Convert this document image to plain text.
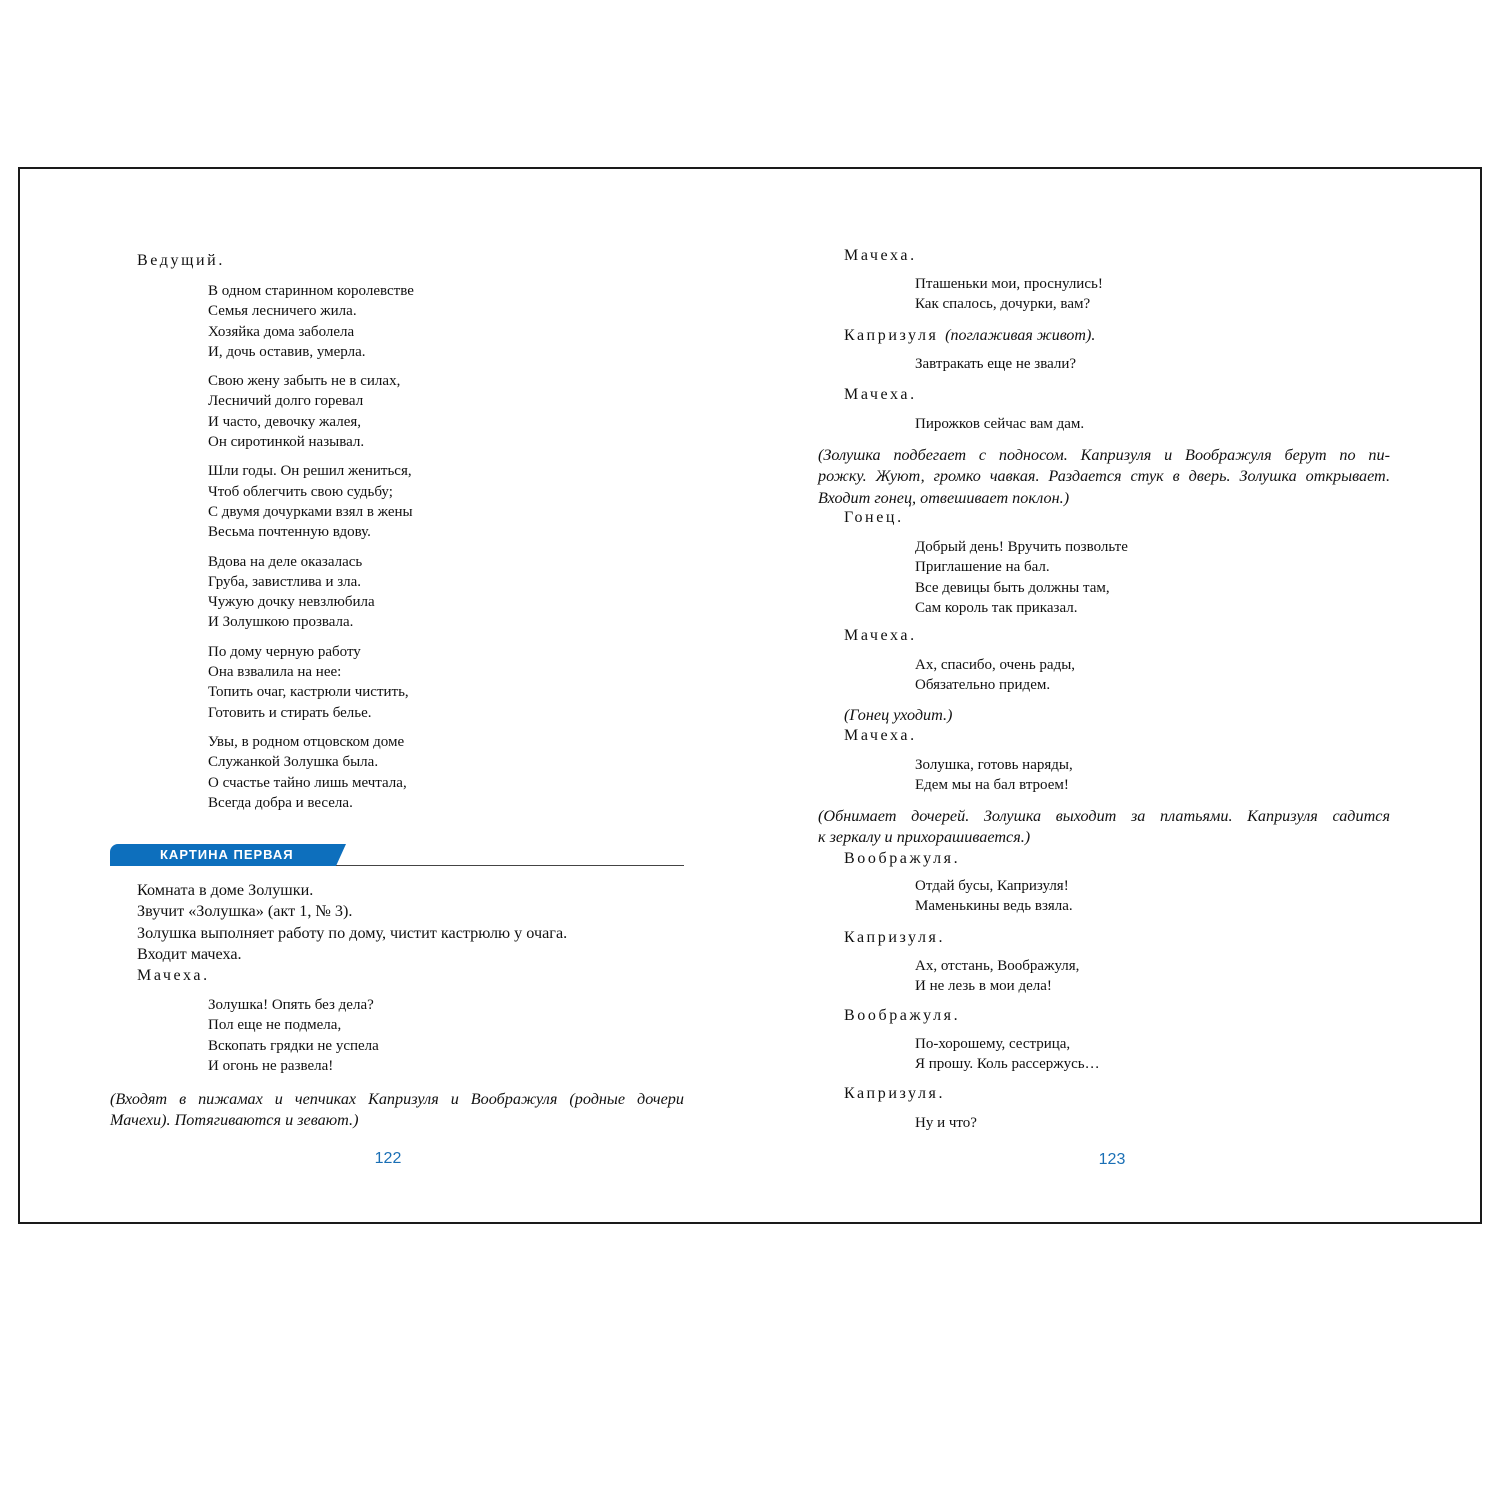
Ведущий.
В одном старинном королевстве
Семья лесничего жила.
Хозяйка дома заболела
И, дочь оставив, умерла.
Свою жену забыть не в силах,
Лесничий долго горевал
И часто, девочку жалея,
Он сиротинкой называл.
Шли годы. Он решил жениться,
Чтоб облегчить свою судьбу;
С двумя дочурками взял в жены
Весьма почтенную вдову.
Вдова на деле оказалась
Груба, завистлива и зла.
Чужую дочку невзлюбила
И Золушкою прозвала.
По дому черную работу
Она взвалила на нее:
Топить очаг, кастрюли чистить,
Готовить и стирать белье.
Увы, в родном отцовском доме
Служанкой Золушка была.
О счастье тайно лишь мечтала,
Всегда добра и весела.
КАРТИНА ПЕРВАЯ
Комната в доме Золушки.
Звучит «Золушка» (акт 1, № 3).
Золушка выполняет работу по дому, чистит кастрюлю у очага.
Входит мачеха.
Мачеха.
Золушка! Опять без дела?
Пол еще не подмела,
Вскопать грядки не успела
И огонь не развела!
(Входят в пижамах и чепчиках Капризуля и Воображуля (родные дочери
Мачехи). Потягиваются и зевают.)
122
Мачеха.
Пташеньки мои, проснулись!
Как спалось, дочурки, вам?
Капризуля (поглаживая живот).
Завтракать еще не звали?
Мачеха.
Пирожков сейчас вам дам.
(Золушка подбегает с подносом. Капризуля и Воображуля берут по пи-
рожку. Жуют, громко чавкая. Раздается стук в дверь. Золушка открывает.
Входит гонец, отвешивает поклон.)
Гонец.
Добрый день! Вручить позвольте
Приглашение на бал.
Все девицы быть должны там,
Сам король так приказал.
Мачеха.
Ах, спасибо, очень рады,
Обязательно придем.
(Гонец уходит.)
Мачеха.
Золушка, готовь наряды,
Едем мы на бал втроем!
(Обнимает дочерей. Золушка выходит за платьями. Капризуля садится
к зеркалу и прихорашивается.)
Воображуля.
Отдай бусы, Капризуля!
Маменькины ведь взяла.
Капризуля.
Ах, отстань, Воображуля,
И не лезь в мои дела!
Воображуля.
По-хорошему, сестрица,
Я прошу. Коль рассержусь…
Капризуля.
Ну и что?
123
